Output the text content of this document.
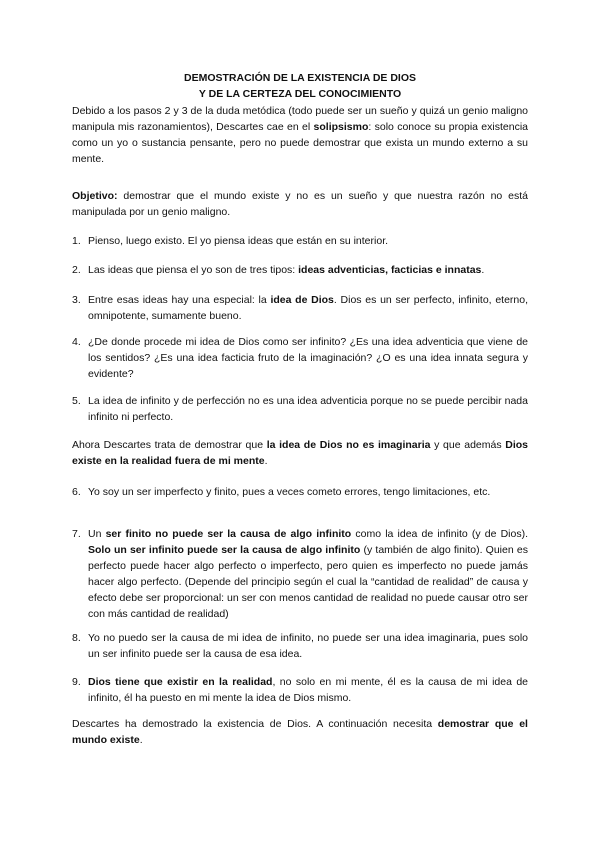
DEMOSTRACIÓN DE LA EXISTENCIA DE DIOS
Y DE LA CERTEZA DEL CONOCIMIENTO

Debido a los pasos 2 y 3 de la duda metódica (todo puede ser un sueño y quizá un genio maligno manipula mis razonamientos), Descartes cae en el solipsismo: solo conoce su propia existencia como un yo o sustancia pensante, pero no puede demostrar que exista un mundo externo a su mente.

Objetivo: demostrar que el mundo existe y no es un sueño y que nuestra razón no está manipulada por un genio maligno.

1. Pienso, luego existo. El yo piensa ideas que están en su interior.
2. Las ideas que piensa el yo son de tres tipos: ideas adventicias, facticias e innatas.
3. Entre esas ideas hay una especial: la idea de Dios. Dios es un ser perfecto, infinito, eterno, omnipotente, sumamente bueno.
4. ¿De donde procede mi idea de Dios como ser infinito? ¿Es una idea adventicia que viene de los sentidos? ¿Es una idea facticia fruto de la imaginación? ¿O es una idea innata segura y evidente?
5. La idea de infinito y de perfección no es una idea adventicia porque no se puede percibir nada infinito ni perfecto.

Ahora Descartes trata de demostrar que la idea de Dios no es imaginaria y que además Dios existe en la realidad fuera de mi mente.

6. Yo soy un ser imperfecto y finito, pues a veces cometo errores, tengo limitaciones, etc.
7. Un ser finito no puede ser la causa de algo infinito como la idea de infinito (y de Dios). Solo un ser infinito puede ser la causa de algo infinito (y también de algo finito). Quien es perfecto puede hacer algo perfecto o imperfecto, pero quien es imperfecto no puede jamás hacer algo perfecto. (Depende del principio según el cual la “cantidad de realidad” de causa y efecto debe ser proporcional: un ser con menos cantidad de realidad no puede causar otro ser con más cantidad de realidad)
8. Yo no puedo ser la causa de mi idea de infinito, no puede ser una idea imaginaria, pues solo un ser infinito puede ser la causa de esa idea.
9. Dios tiene que existir en la realidad, no solo en mi mente, él es la causa de mi idea de infinito, él ha puesto en mi mente la idea de Dios mismo.

Descartes ha demostrado la existencia de Dios. A continuación necesita demostrar que el mundo existe.
